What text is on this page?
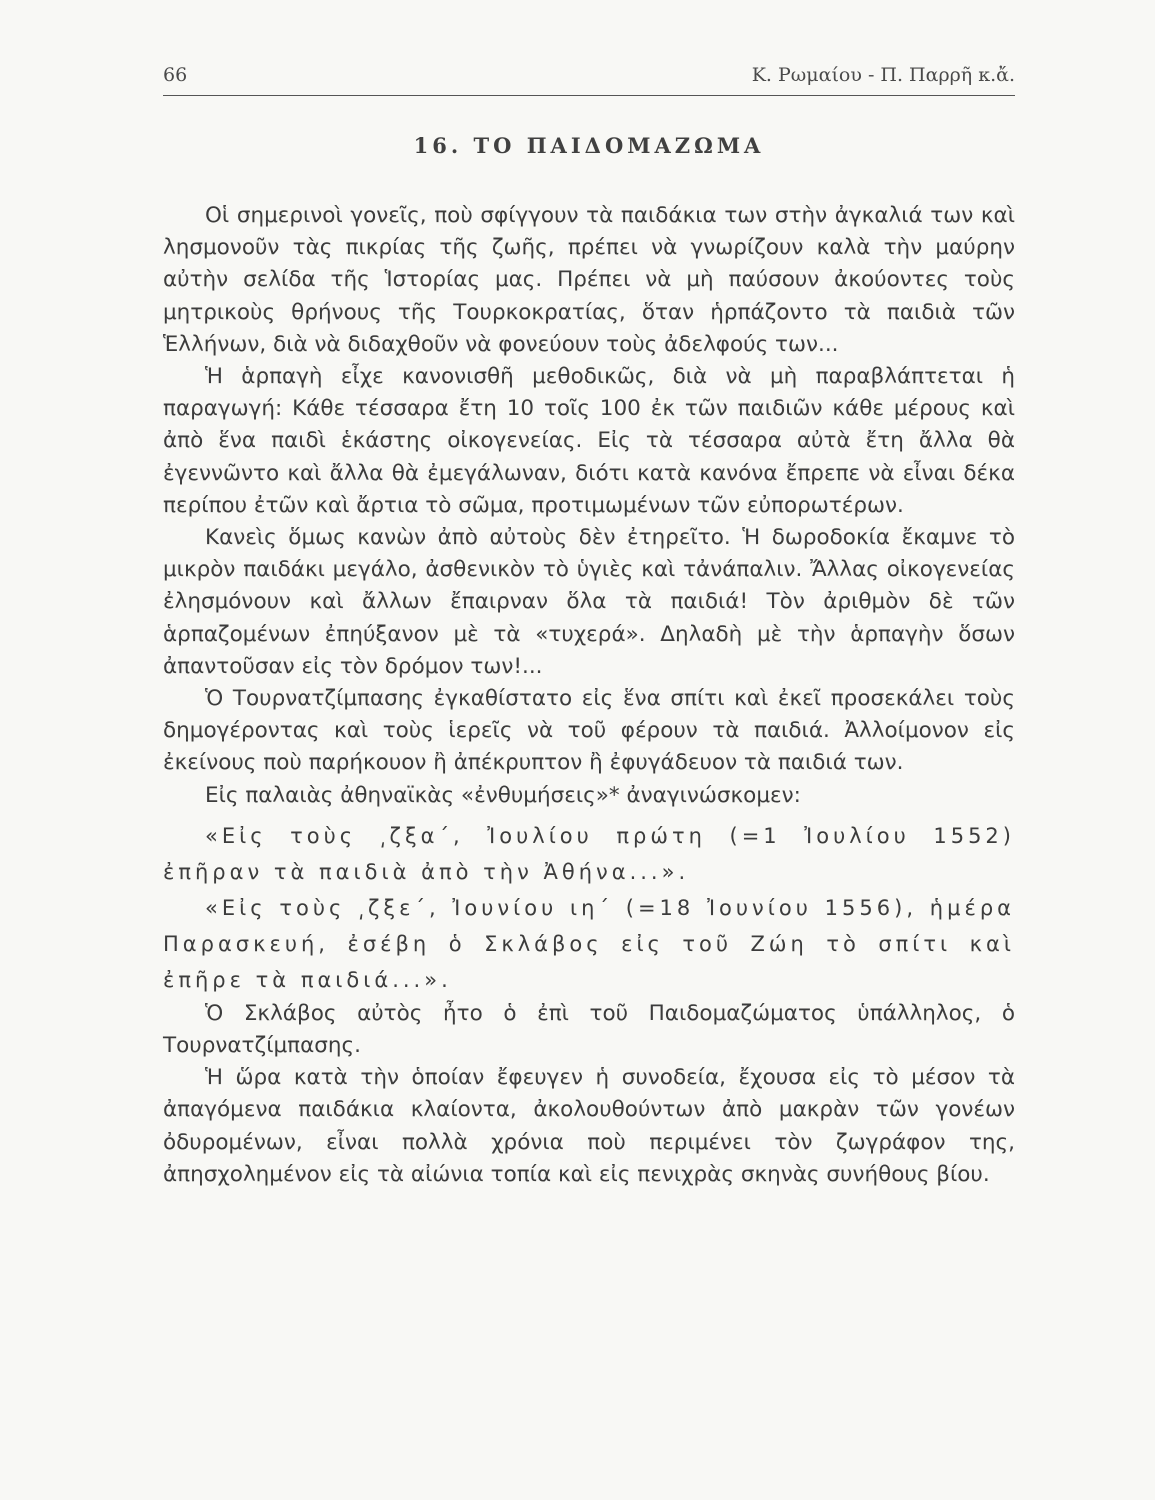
66	Κ. Ρωμαίου - Π. Παρρῆ κ.ἄ.
16. ΤΟ ΠΑΙΔΟΜΑΖΩΜΑ

Οἱ σημερινοὶ γονεῖς, ποὺ σφίγγουν τὰ παιδάκια των στὴν ἀγκαλιά των καὶ λησμονοῦν τὰς πικρίας τῆς ζωῆς, πρέπει νὰ γνωρίζουν καλὰ τὴν μαύρην αὐτὴν σελίδα τῆς Ἱστορίας μας. Πρέπει νὰ μὴ παύσουν ἀκούοντες τοὺς μητρικοὺς θρήνους τῆς Τουρκοκρατίας, ὅταν ἡρπάζοντο τὰ παιδιὰ τῶν Ἑλλήνων, διὰ νὰ διδαχθοῦν νὰ φονεύουν τοὺς ἀδελφούς των...

Ἡ ἁρπαγὴ εἶχε κανονισθῆ μεθοδικῶς, διὰ νὰ μὴ παραβλάπτεται ἡ παραγωγή: Κάθε τέσσαρα ἔτη 10 τοῖς 100 ἐκ τῶν παιδιῶν κάθε μέρους καὶ ἀπὸ ἕνα παιδὶ ἑκάστης οἰκογενείας. Εἰς τὰ τέσσαρα αὐτὰ ἔτη ἄλλα θὰ ἐγεννῶντο καὶ ἄλλα θὰ ἐμεγάλωναν, διότι κατὰ κανόνα ἔπρεπε νὰ εἶναι δέκα περίπου ἐτῶν καὶ ἄρτια τὸ σῶμα, προτιμωμένων τῶν εὐπορωτέρων.

Κανεὶς ὅμως κανὼν ἀπὸ αὐτοὺς δὲν ἐτηρεῖτο. Ἡ δωροδοκία ἔκαμνε τὸ μικρὸν παιδάκι μεγάλο, ἀσθενικὸν τὸ ὑγιὲς καὶ τἀνάπαλιν. Ἄλλας οἰκογενείας ἐλησμόνουν καὶ ἄλλων ἔπαιρναν ὅλα τὰ παιδιά! Τὸν ἀριθμὸν δὲ τῶν ἁρπαζομένων ἐπηύξανον μὲ τὰ «τυχερά». Δηλαδὴ μὲ τὴν ἁρπαγὴν ὅσων ἀπαντοῦσαν εἰς τὸν δρόμον των!...

Ὁ Τουρνατζίμπασης ἐγκαθίστατο εἰς ἕνα σπίτι καὶ ἐκεῖ προσεκάλει τοὺς δημογέροντας καὶ τοὺς ἱερεῖς νὰ τοῦ φέρουν τὰ παιδιά. Ἀλλοίμονον εἰς ἐκείνους ποὺ παρήκουον ἢ ἀπέκρυπτον ἢ ἐφυγάδευον τὰ παιδιά των.

Εἰς παλαιὰς ἀθηναϊκὰς «ἐνθυμήσεις»* ἀναγινώσκομεν:

«Εἰς τοὺς ͵ζξα΄, Ἰουλίου πρώτη (=1 Ἰουλίου 1552) ἐπῆραν τὰ παιδιὰ ἀπὸ τὴν Ἀθήνα...».

«Εἰς τοὺς ͵ζξε΄, Ἰουνίου ιη΄ (=18 Ἰουνίου 1556), ἡμέρα Παρασκευή, ἐσέβη ὁ Σκλάβος εἰς τοῦ Ζώη τὸ σπίτι καὶ ἐπῆρε τὰ παιδιά...».

Ὁ Σκλάβος αὐτὸς ἦτο ὁ ἐπὶ τοῦ Παιδομαζώματος ὑπάλληλος, ὁ Τουρνατζίμπασης.

Ἡ ὥρα κατὰ τὴν ὁποίαν ἔφευγεν ἡ συνοδεία, ἔχουσα εἰς τὸ μέσον τὰ ἀπαγόμενα παιδάκια κλαίοντα, ἀκολουθούντων ἀπὸ μακρὰν τῶν γονέων ὀδυρομένων, εἶναι πολλὰ χρόνια ποὺ περιμένει τὸν ζωγράφον της, ἀπησχολημένον εἰς τὰ αἰώνια τοπία καὶ εἰς πενιχρὰς σκηνὰς συνήθους βίου.
